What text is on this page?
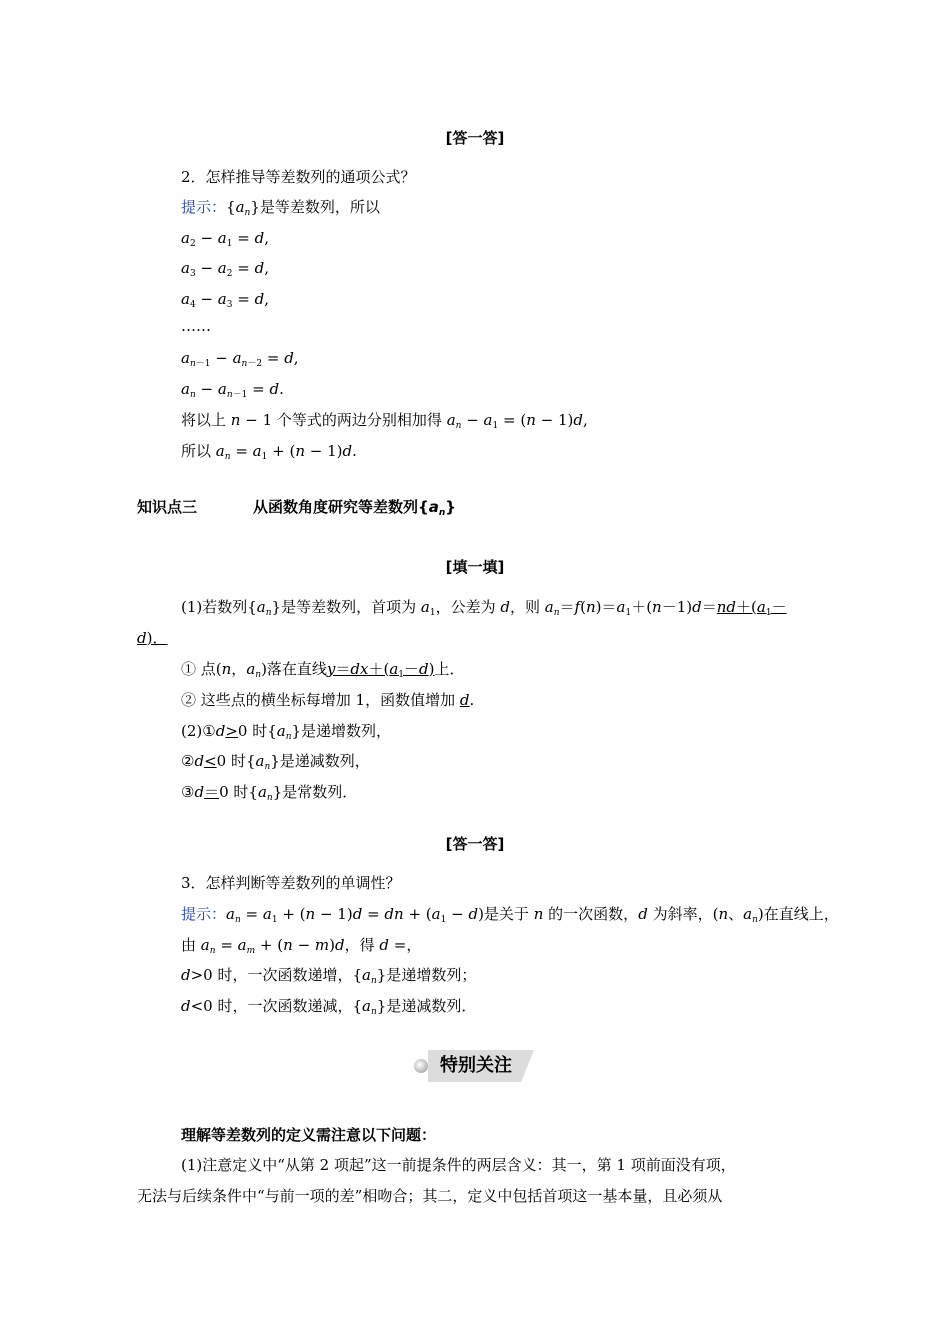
[答一答]
2．怎样推导等差数列的通项公式？
提示：$\{a_n\}$是等差数列，所以
$a_2 - a_1 = d$,
$a_3 - a_2 = d$,
$a_4 - a_3 = d$,
……
$a_{n-1} - a_{n-2} = d$,
$a_n - a_{n-1} = d$.
将以上 n − 1 个等式的两边分别相加得 $a_n - a_1 = (n - 1)d$,
所以 $a_n = a_1 + (n - 1)d$.
知识点三	从函数角度研究等差数列$\{a_n\}$
[填一填]
(1)若数列$\{a_n\}$是等差数列，首项为 $a_1$，公差为 d，则 $a_n=f(n)=a_1+(n-1)d=nd+(a_1-$
d)．
① 点(n，$a_n$)落在直线$y=dx+(a_1-d)$上．
② 这些点的横坐标每增加 1，函数值增加 d.
(2)①d>0 时$\{a_n\}$是递增数列，
②d<0 时$\{a_n\}$是递减数列，
③d＝0 时$\{a_n\}$是常数列．
[答一答]
3．怎样判断等差数列的单调性？
提示：$a_n = a_1 + (n - 1)d$ = dn + $(a_1 - d)$是关于 n 的一次函数，d 为斜率，(n、$a_n$)在直线上，
由 $a_n = a_m + (n - m)d$，得 d =，
d>0 时，一次函数递增，$\{a_n\}$是递增数列；
d<0 时，一次函数递减，$\{a_n\}$是递减数列．
特别关注
理解等差数列的定义需注意以下问题：
(1)注意定义中“从第 2 项起”这一前提条件的两层含义：其一，第 1 项前面没有项，
无法与后续条件中“与前一项的差”相吻合；其二，定义中包括首项这一基本量，且必须从
